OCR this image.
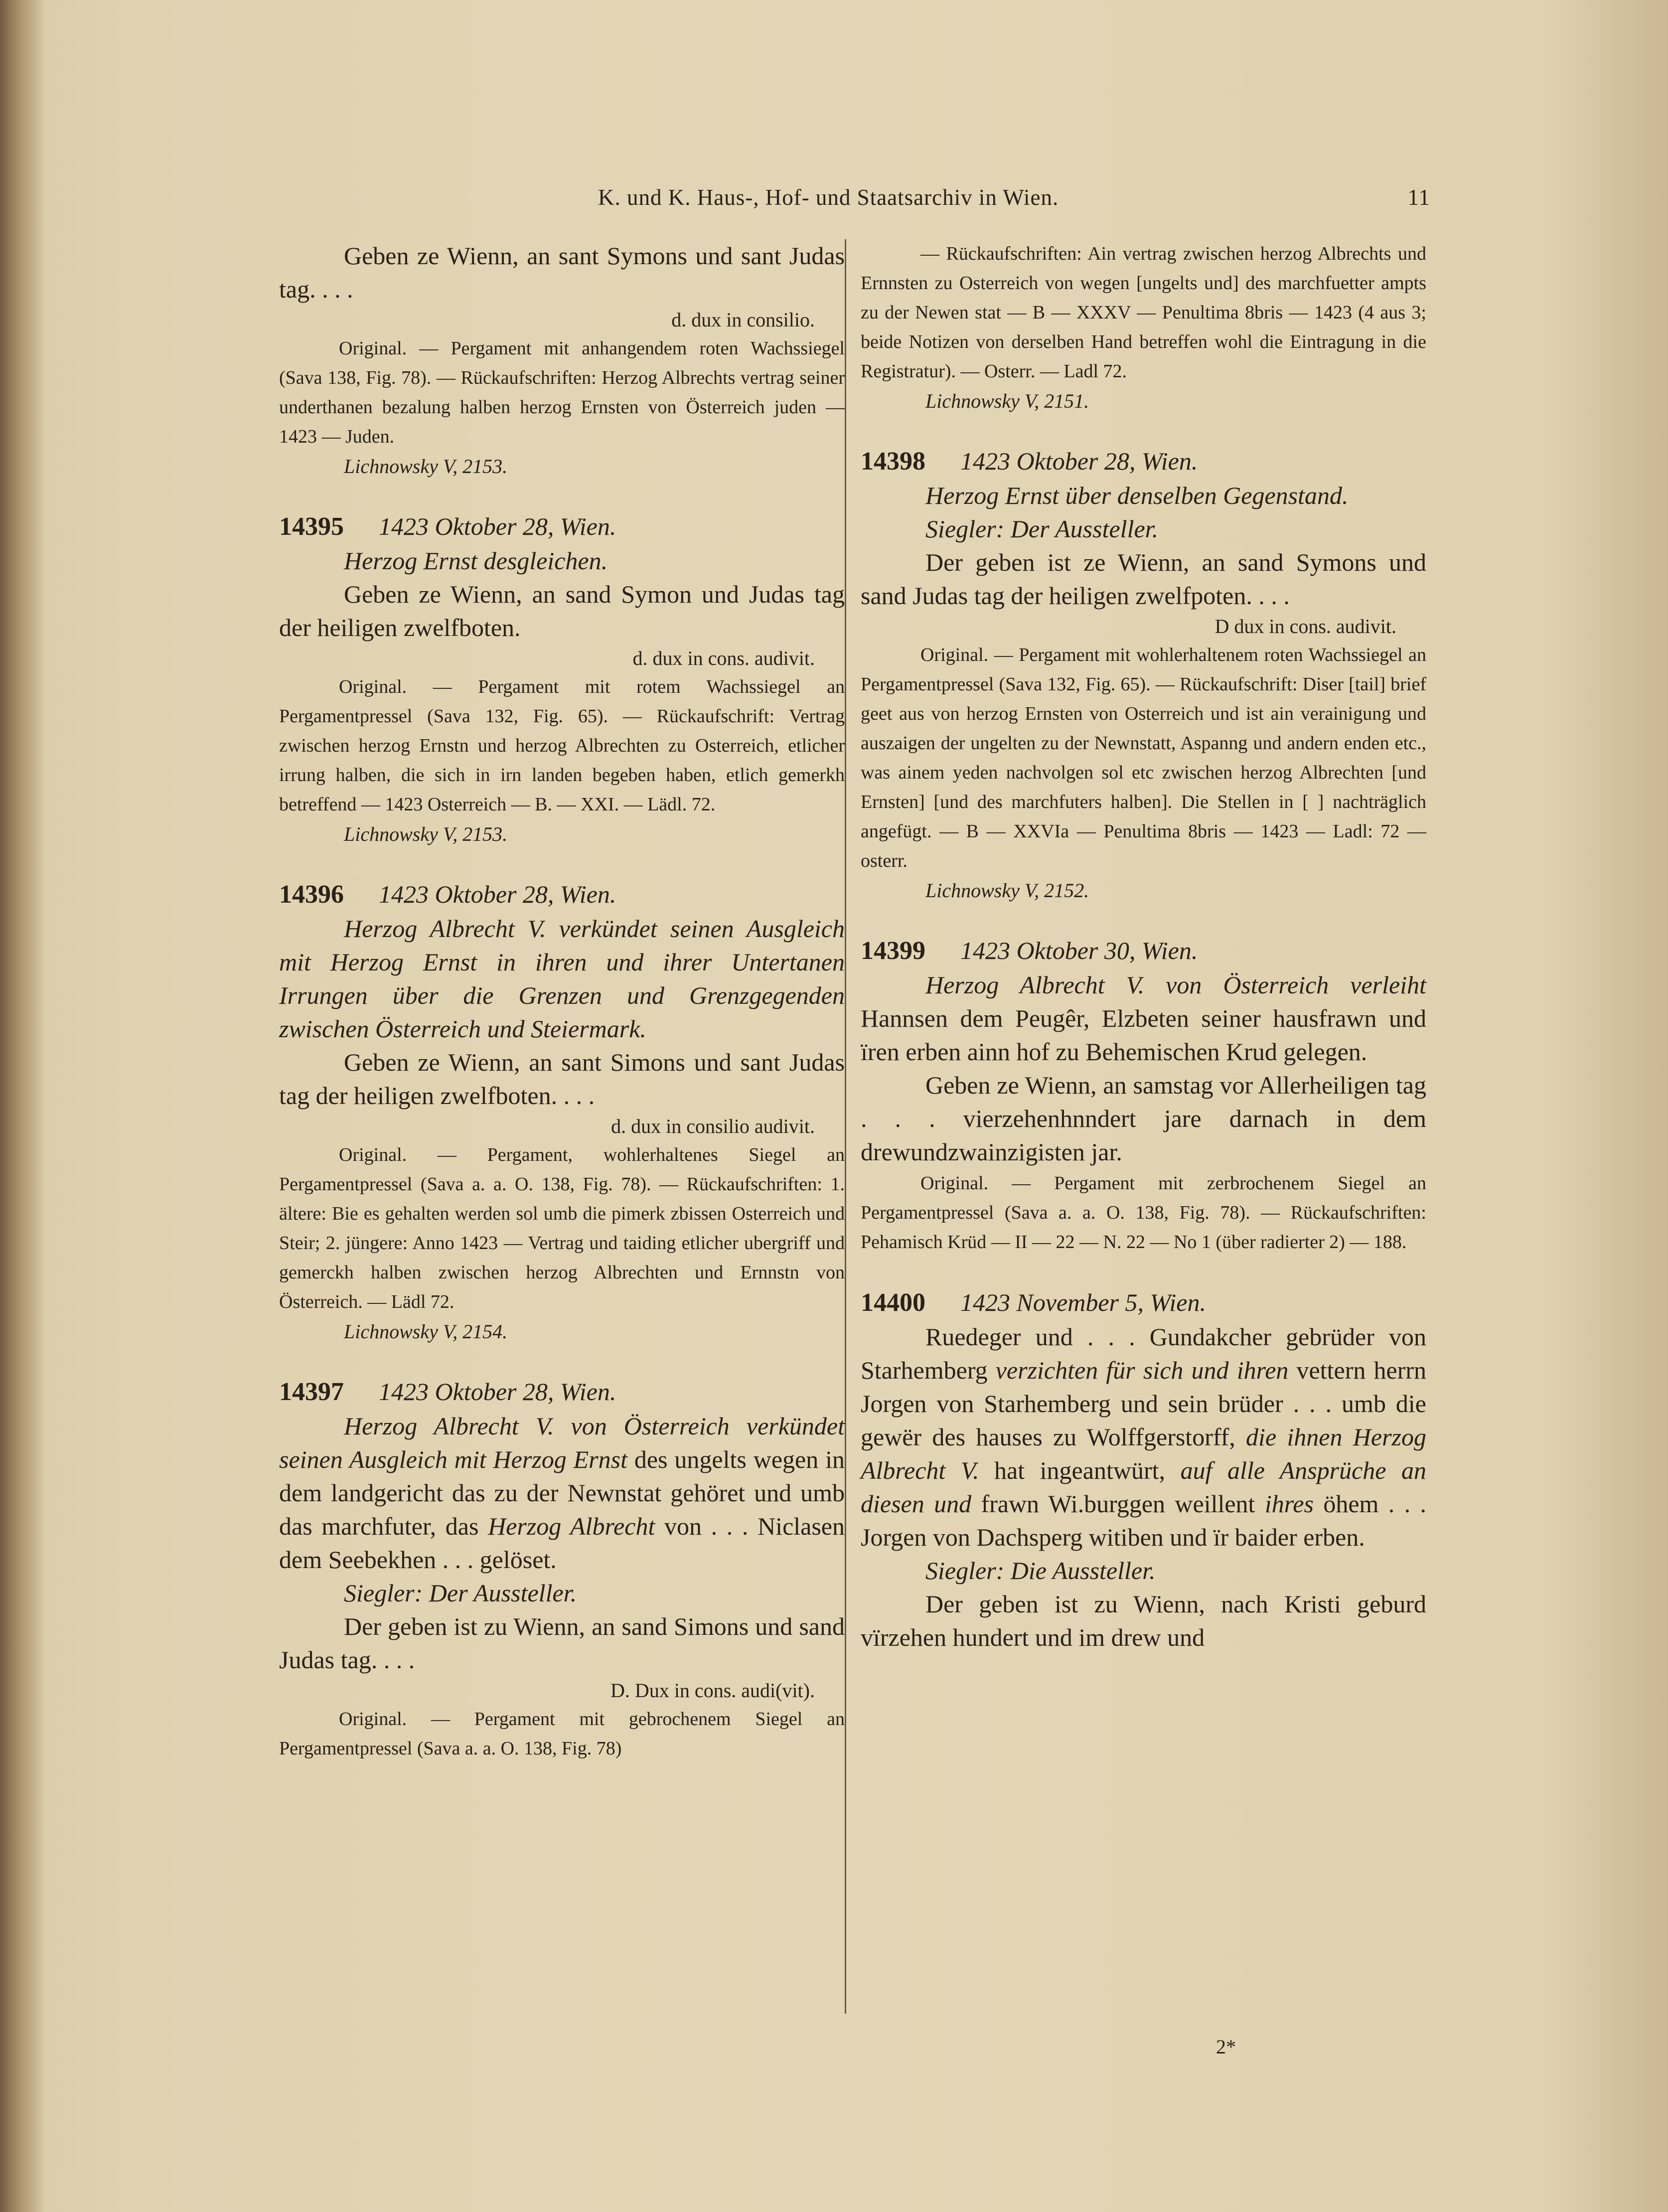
K. und K. Haus-, Hof- und Staatsarchiv in Wien.	11

Geben ze Wienn, an sant Symons und sant Judas tag. . . .

d. dux in consilio.

Original. — Pergament mit anhangendem roten Wachssiegel (Sava 138, Fig. 78). — Rückaufschriften: Herzog Albrechts vertrag seiner underthanen bezalung halben herzog Ernsten von Österreich juden — 1423 — Juden.

Lichnowsky V, 2153.

14395 1423 Oktober 28, Wien.

Herzog Ernst desgleichen.

Geben ze Wienn, an sand Symon und Judas tag der heiligen zwelfboten.

d. dux in cons. audivit.

Original. — Pergament mit rotem Wachssiegel an Pergamentpressel (Sava 132, Fig. 65). — Rückaufschrift: Vertrag zwischen herzog Ernstn und herzog Albrechten zu Osterreich, etlicher irrung halben, die sich in irn landen begeben haben, etlich gemerkh betreffend — 1423 Osterreich — B. — XXI. — Lädl. 72.

Lichnowsky V, 2153.

14396 1423 Oktober 28, Wien.

Herzog Albrecht V. verkündet seinen Ausgleich mit Herzog Ernst in ihren und ihrer Untertanen Irrungen über die Grenzen und Grenzgegenden zwischen Österreich und Steiermark.

Geben ze Wienn, an sant Simons und sant Judas tag der heiligen zwelfboten. . . .

d. dux in consilio audivit.

Original. — Pergament, wohlerhaltenes Siegel an Pergamentpressel (Sava a. a. O. 138, Fig. 78). — Rückaufschriften: 1. ältere: Bie es gehalten werden sol umb die pimerk zbissen Osterreich und Steir; 2. jüngere: Anno 1423 — Vertrag und taiding etlicher ubergriff und gemerckh halben zwischen herzog Albrechten und Ernnstn von Österreich. — Lädl 72.

Lichnowsky V, 2154.

14397 1423 Oktober 28, Wien.

Herzog Albrecht V. von Österreich verkündet seinen Ausgleich mit Herzog Ernst des ungelts wegen in dem landgericht das zu der Newnstat gehöret und umb das marchfuter, das Herzog Albrecht von . . . Niclasen dem Seebekhen . . . gelöset.

Siegler: Der Aussteller.

Der geben ist zu Wienn, an sand Simons und sand Judas tag. . . .

D. Dux in cons. audi(vit).

Original. — Pergament mit gebrochenem Siegel an Pergamentpressel (Sava a. a. O. 138, Fig. 78)

— Rückaufschriften: Ain vertrag zwischen herzog Albrechts und Ernnsten zu Osterreich von wegen [ungelts und] des marchfuetter ampts zu der Newen stat — B — XXXV — Penultima 8bris — 1423 (4 aus 3; beide Notizen von derselben Hand betreffen wohl die Eintragung in die Registratur). — Osterr. — Ladl 72.

Lichnowsky V, 2151.

14398 1423 Oktober 28, Wien.

Herzog Ernst über denselben Gegenstand.

Siegler: Der Aussteller.

Der geben ist ze Wienn, an sand Symons und sand Judas tag der heiligen zwelfpoten. . . .

D dux in cons. audivit.

Original. — Pergament mit wohlerhaltenem roten Wachssiegel an Pergamentpressel (Sava 132, Fig. 65). — Rückaufschrift: Diser [tail] brief geet aus von herzog Ernsten von Osterreich und ist ain verainigung und auszaigen der ungelten zu der Newnstatt, Aspanng und andern enden etc., was ainem yeden nachvolgen sol etc zwischen herzog Albrechten [und Ernsten] [und des marchfuters halben]. Die Stellen in [ ] nachträglich angefügt. — B — XXVIa — Penultima 8bris — 1423 — Ladl: 72 — osterr.

Lichnowsky V, 2152.

14399 1423 Oktober 30, Wien.

Herzog Albrecht V. von Österreich verleiht Hannsen dem Peugêr, Elzbeten seiner hausfrawn und ïren erben ainn hof zu Behemischen Krud gelegen.

Geben ze Wienn, an samstag vor Allerheiligen tag . . . vierzehenhnndert jare darnach in dem drewundzwainzigisten jar.

Original. — Pergament mit zerbrochenem Siegel an Pergamentpressel (Sava a. a. O. 138, Fig. 78). — Rückaufschriften: Pehamisch Krüd — II — 22 — N. 22 — No 1 (über radierter 2) — 188.

14400 1423 November 5, Wien.

Ruedeger und . . . Gundakcher gebrüder von Starhemberg verzichten für sich und ihren vettern herrn Jorgen von Starhemberg und sein brüder . . . umb die gewër des hauses zu Wolffgerstorff, die ihnen Herzog Albrecht V. hat ingeantwürt, auf alle Ansprüche an diesen und frawn Wi.burggen weillent ihres öhem . . . Jorgen von Dachsperg witiben und ïr baider erben.

Siegler: Die Aussteller.

Der geben ist zu Wienn, nach Kristi geburd vïrzehen hundert und im drew und

2*
